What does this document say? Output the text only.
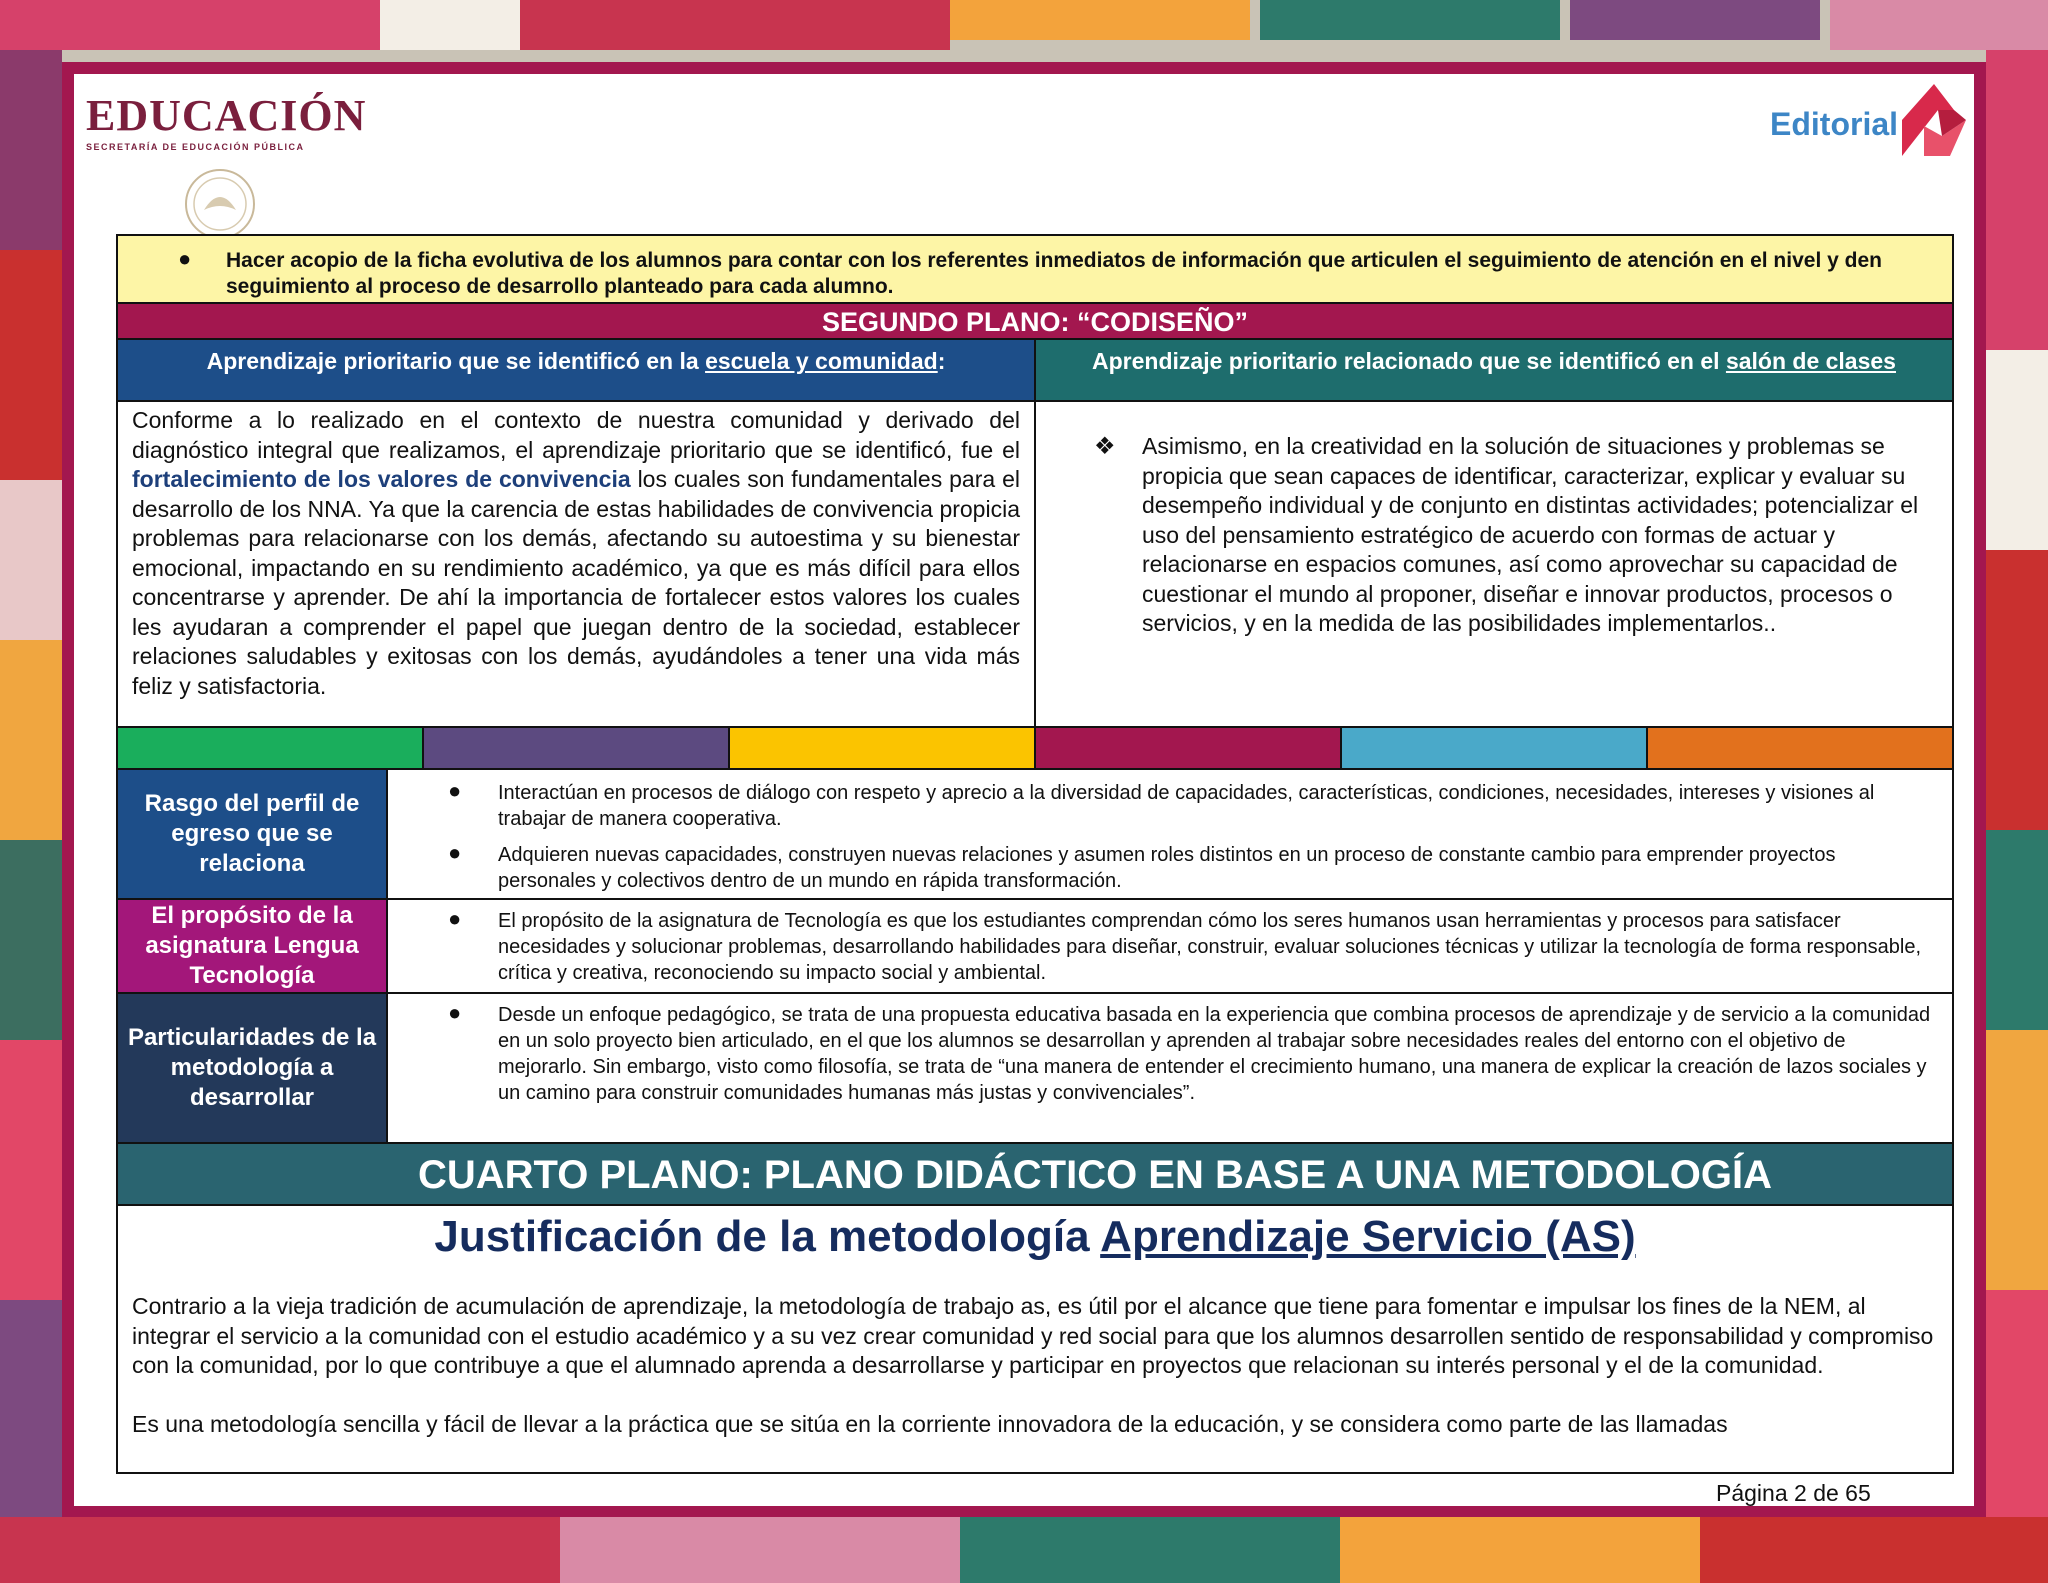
EDUCACIÓN
SECRETARÍA DE EDUCACIÓN PÚBLICA
Editorial
● Hacer acopio de la ficha evolutiva de los alumnos para contar con los referentes inmediatos de información que articulen el seguimiento de atención en el nivel y den seguimiento al proceso de desarrollo planteado para cada alumno.
SEGUNDO PLANO: “CODISEÑO”
Aprendizaje prioritario que se identificó en la escuela y comunidad:	Aprendizaje prioritario relacionado que se identificó en el salón de clases
Conforme a lo realizado en el contexto de nuestra comunidad y derivado del diagnóstico integral que realizamos, el aprendizaje prioritario que se identificó, fue el fortalecimiento de los valores de convivencia los cuales son fundamentales para el desarrollo de los NNA. Ya que la carencia de estas habilidades de convivencia propicia problemas para relacionarse con los demás, afectando su autoestima y su bienestar emocional, impactando en su rendimiento académico, ya que es más difícil para ellos concentrarse y aprender. De ahí la importancia de fortalecer estos valores los cuales les ayudaran a comprender el papel que juegan dentro de la sociedad, establecer relaciones saludables y exitosas con los demás, ayudándoles a tener una vida más feliz y satisfactoria.
❖ Asimismo, en la creatividad en la solución de situaciones y problemas se propicia que sean capaces de identificar, caracterizar, explicar y evaluar su desempeño individual y de conjunto en distintas actividades; potencializar el uso del pensamiento estratégico de acuerdo con formas de actuar y relacionarse en espacios comunes, así como aprovechar su capacidad de cuestionar el mundo al proponer, diseñar e innovar productos, procesos o servicios, y en la medida de las posibilidades implementarlos..
Rasgo del perfil de egreso que se relaciona
● Interactúan en procesos de diálogo con respeto y aprecio a la diversidad de capacidades, características, condiciones, necesidades, intereses y visiones al trabajar de manera cooperativa.
● Adquieren nuevas capacidades, construyen nuevas relaciones y asumen roles distintos en un proceso de constante cambio para emprender proyectos personales y colectivos dentro de un mundo en rápida transformación.
El propósito de la asignatura Lengua Tecnología
● El propósito de la asignatura de Tecnología es que los estudiantes comprendan cómo los seres humanos usan herramientas y procesos para satisfacer necesidades y solucionar problemas, desarrollando habilidades para diseñar, construir, evaluar soluciones técnicas y utilizar la tecnología de forma responsable, crítica y creativa, reconociendo su impacto social y ambiental.
Particularidades de la metodología a desarrollar
● Desde un enfoque pedagógico, se trata de una propuesta educativa basada en la experiencia que combina procesos de aprendizaje y de servicio a la comunidad en un solo proyecto bien articulado, en el que los alumnos se desarrollan y aprenden al trabajar sobre necesidades reales del entorno con el objetivo de mejorarlo. Sin embargo, visto como filosofía, se trata de “una manera de entender el crecimiento humano, una manera de explicar la creación de lazos sociales y un camino para construir comunidades humanas más justas y convivenciales”.
CUARTO PLANO: PLANO DIDÁCTICO EN BASE A UNA METODOLOGÍA
Justificación de la metodología Aprendizaje Servicio (AS)

Contrario a la vieja tradición de acumulación de aprendizaje, la metodología de trabajo as, es útil por el alcance que tiene para fomentar e impulsar los fines de la NEM, al integrar el servicio a la comunidad con el estudio académico y a su vez crear comunidad y red social para que los alumnos desarrollen sentido de responsabilidad y compromiso con la comunidad, por lo que contribuye a que el alumnado aprenda a desarrollarse y participar en proyectos que relacionan su interés personal y el de la comunidad.

Es una metodología sencilla y fácil de llevar a la práctica que se sitúa en la corriente innovadora de la educación, y se considera como parte de las llamadas

Página 2 de 65
